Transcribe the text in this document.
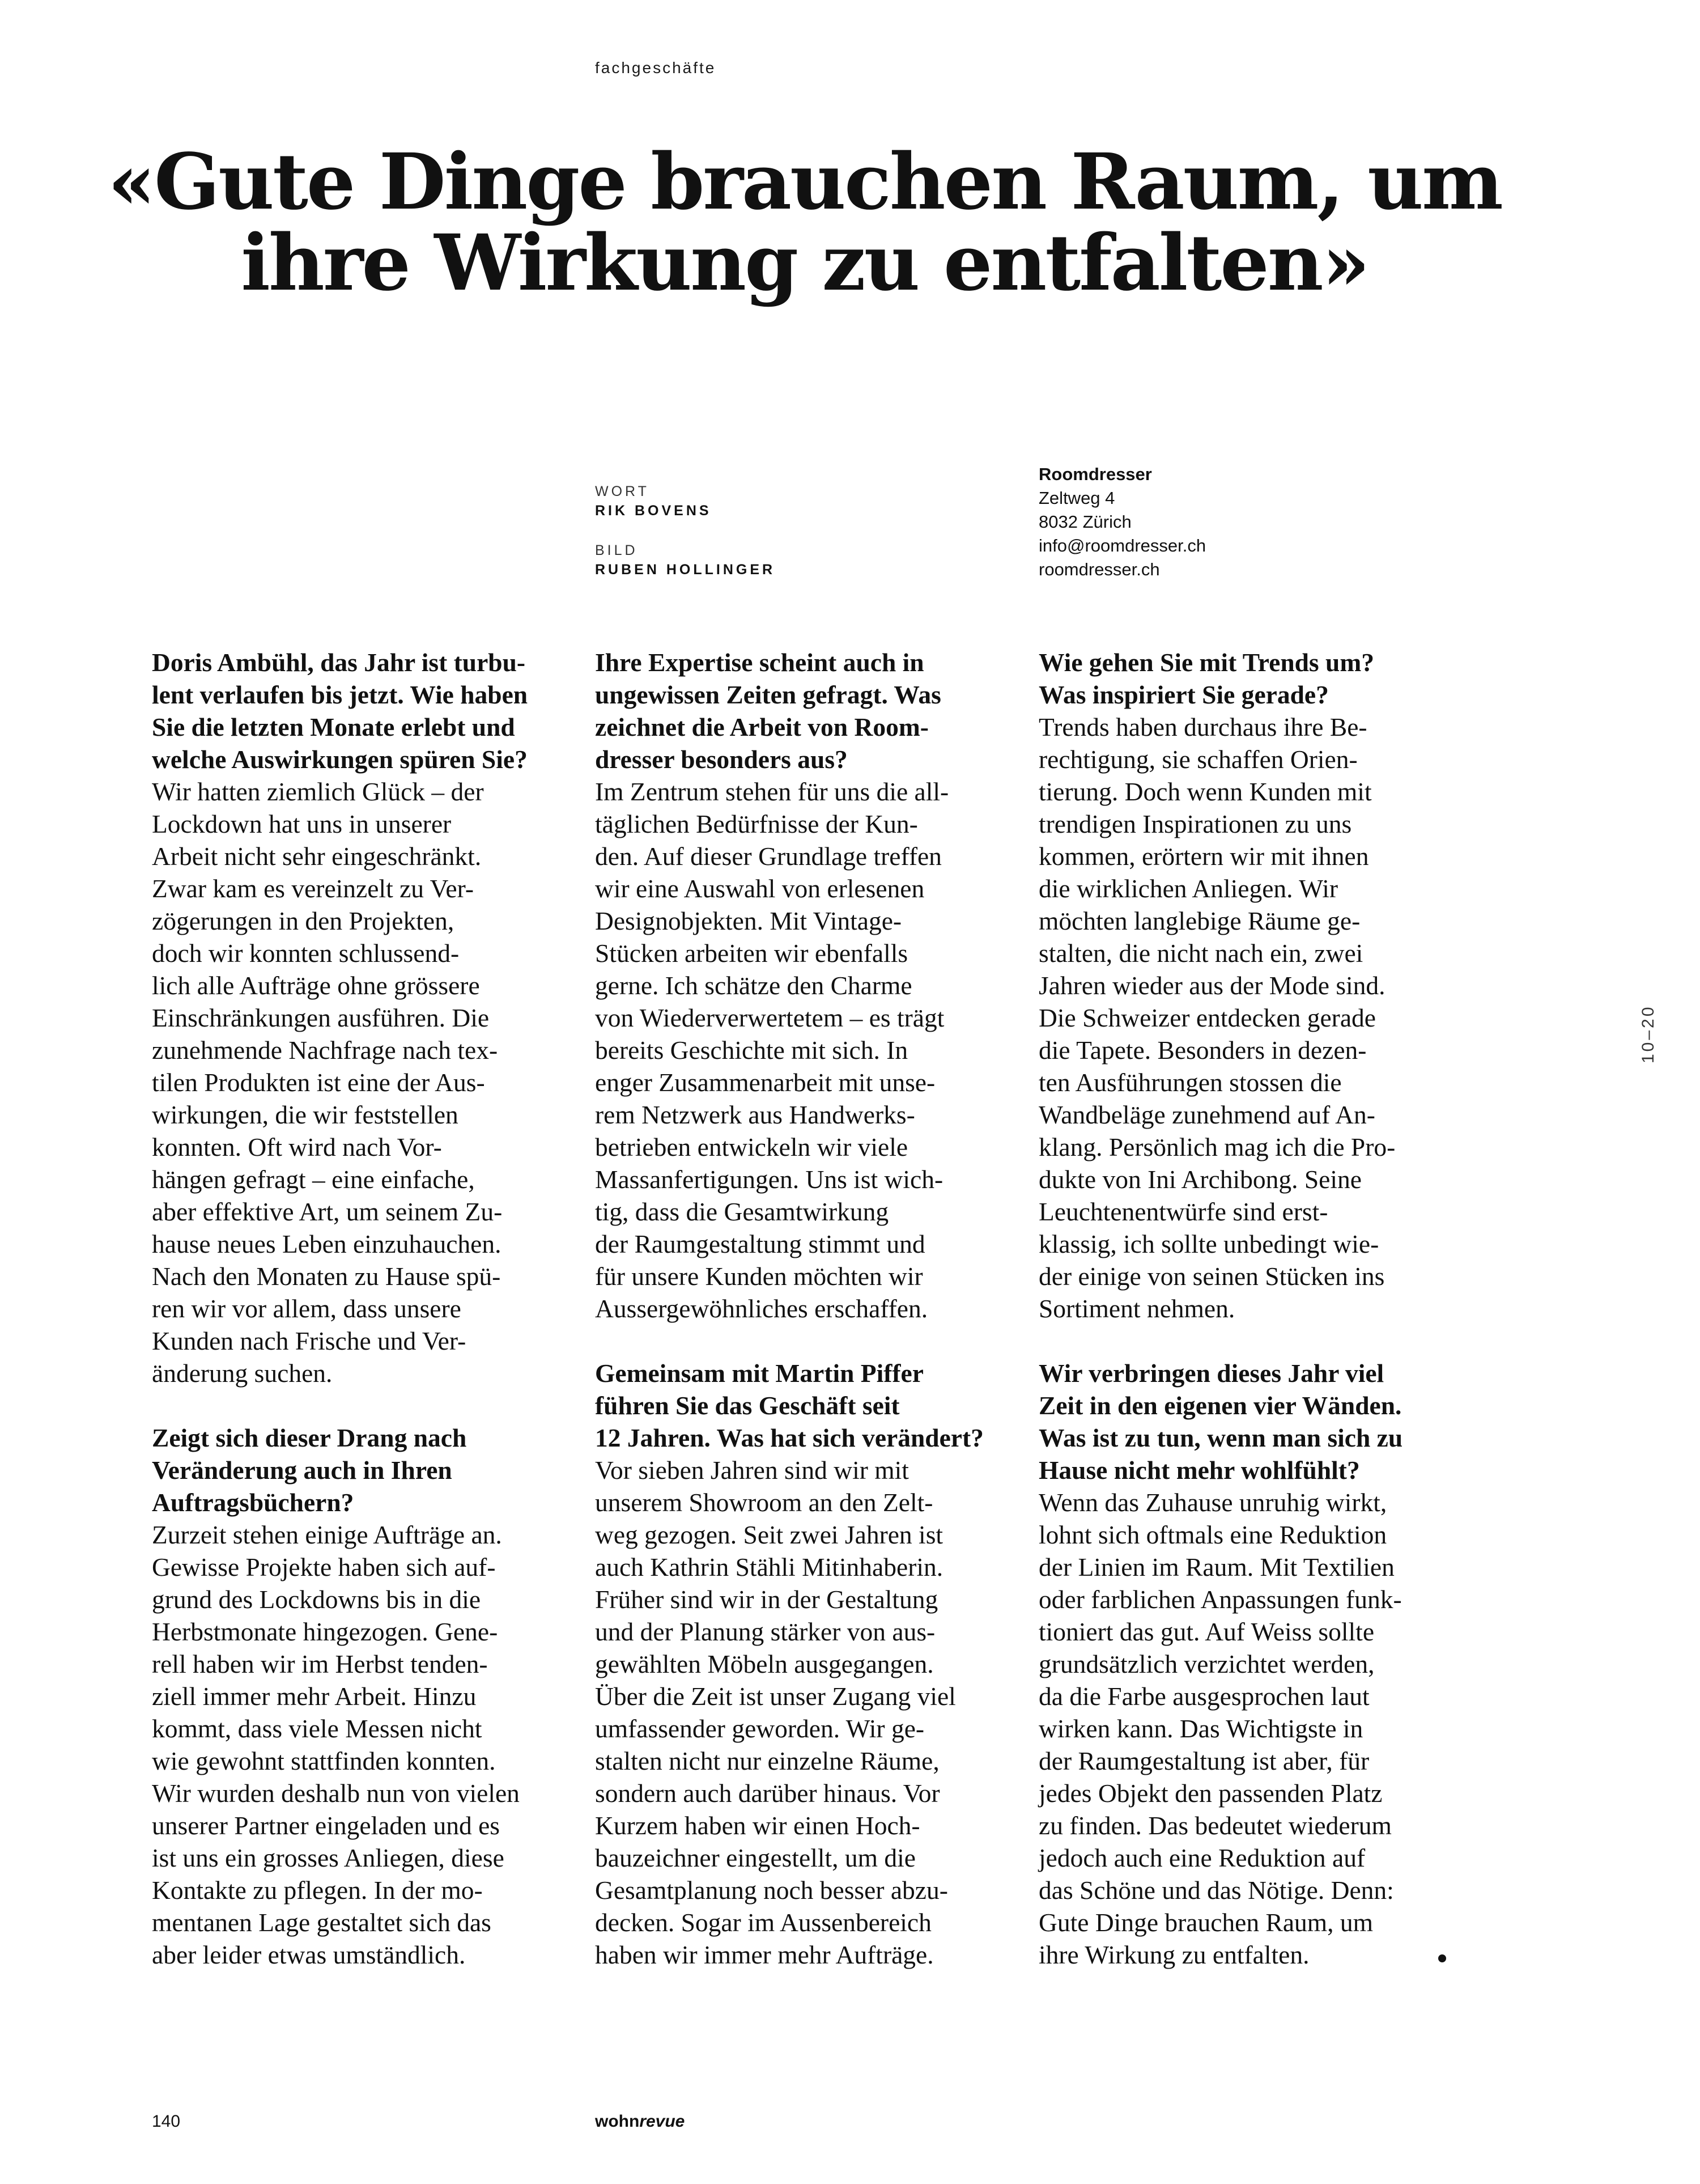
fachgeschäfte
«Gute Dinge brauchen Raum, um
ihre Wirkung zu entfalten»
WORT
RIK BOVENS
BILD
RUBEN HOLLINGER
Roomdresser
Zeltweg 4
8032 Zürich
info@roomdresser.ch
roomdresser.ch
Doris Ambühl, das Jahr ist turbu-
lent verlaufen bis jetzt. Wie haben
Sie die letzten Monate erlebt und
welche Auswirkungen spüren Sie?
Wir hatten ziemlich Glück – der
Lockdown hat uns in unserer
Arbeit nicht sehr eingeschränkt.
Zwar kam es vereinzelt zu Ver-
zögerungen in den Projekten,
doch wir konnten schlussend-
lich alle Aufträge ohne grössere
Einschränkungen ausführen. Die
zunehmende Nachfrage nach tex-
tilen Produkten ist eine der Aus-
wirkungen, die wir feststellen
konnten. Oft wird nach Vor-
hängen gefragt – eine einfache,
aber effektive Art, um seinem Zu-
hause neues Leben einzuhauchen.
Nach den Monaten zu Hause spü-
ren wir vor allem, dass unsere
Kunden nach Frische und Ver-
änderung suchen.
Zeigt sich dieser Drang nach
Veränderung auch in Ihren
Auftragsbüchern?
Zurzeit stehen einige Aufträge an.
Gewisse Projekte haben sich auf-
grund des Lockdowns bis in die
Herbstmonate hingezogen. Gene-
rell haben wir im Herbst tenden-
ziell immer mehr Arbeit. Hinzu
kommt, dass viele Messen nicht
wie gewohnt stattfinden konnten.
Wir wurden deshalb nun von vielen
unserer Partner eingeladen und es
ist uns ein grosses Anliegen, diese
Kontakte zu pflegen. In der mo-
mentanen Lage gestaltet sich das
aber leider etwas umständlich.
Ihre Expertise scheint auch in
ungewissen Zeiten gefragt. Was
zeichnet die Arbeit von Room-
dresser besonders aus?
Im Zentrum stehen für uns die all-
täglichen Bedürfnisse der Kun-
den. Auf dieser Grundlage treffen
wir eine Auswahl von erlesenen
Designobjekten. Mit Vintage-
Stücken arbeiten wir ebenfalls
gerne. Ich schätze den Charme
von Wiederverwertetem – es trägt
bereits Geschichte mit sich. In
enger Zusammenarbeit mit unse-
rem Netzwerk aus Handwerks-
betrieben entwickeln wir viele
Massanfertigungen. Uns ist wich-
tig, dass die Gesamtwirkung
der Raumgestaltung stimmt und
für unsere Kunden möchten wir
Aussergewöhnliches erschaffen.
Gemeinsam mit Martin Piffer
führen Sie das Geschäft seit
12 Jahren. Was hat sich verändert?
Vor sieben Jahren sind wir mit
unserem Showroom an den Zelt-
weg gezogen. Seit zwei Jahren ist
auch Kathrin Stähli Mitinhaberin.
Früher sind wir in der Gestaltung
und der Planung stärker von aus-
gewählten Möbeln ausgegangen.
Über die Zeit ist unser Zugang viel
umfassender geworden. Wir ge-
stalten nicht nur einzelne Räume,
sondern auch darüber hinaus. Vor
Kurzem haben wir einen Hoch-
bauzeichner eingestellt, um die
Gesamtplanung noch besser abzu-
decken. Sogar im Aussenbereich
haben wir immer mehr Aufträge.
Wie gehen Sie mit Trends um?
Was inspiriert Sie gerade?
Trends haben durchaus ihre Be-
rechtigung, sie schaffen Orien-
tierung. Doch wenn Kunden mit
trendigen Inspirationen zu uns
kommen, erörtern wir mit ihnen
die wirklichen Anliegen. Wir
möchten langlebige Räume ge-
stalten, die nicht nach ein, zwei
Jahren wieder aus der Mode sind.
Die Schweizer entdecken gerade
die Tapete. Besonders in dezen-
ten Ausführungen stossen die
Wandbeläge zunehmend auf An-
klang. Persönlich mag ich die Pro-
dukte von Ini Archibong. Seine
Leuchtenentwürfe sind erst-
klassig, ich sollte unbedingt wie-
der einige von seinen Stücken ins
Sortiment nehmen.
Wir verbringen dieses Jahr viel
Zeit in den eigenen vier Wänden.
Was ist zu tun, wenn man sich zu
Hause nicht mehr wohlfühlt?
Wenn das Zuhause unruhig wirkt,
lohnt sich oftmals eine Reduktion
der Linien im Raum. Mit Textilien
oder farblichen Anpassungen funk-
tioniert das gut. Auf Weiss sollte
grundsätzlich verzichtet werden,
da die Farbe ausgesprochen laut
wirken kann. Das Wichtigste in
der Raumgestaltung ist aber, für
jedes Objekt den passenden Platz
zu finden. Das bedeutet wiederum
jedoch auch eine Reduktion auf
das Schöne und das Nötige. Denn:
Gute Dinge brauchen Raum, um
ihre Wirkung zu entfalten.
10–20
140	wohnrevue
